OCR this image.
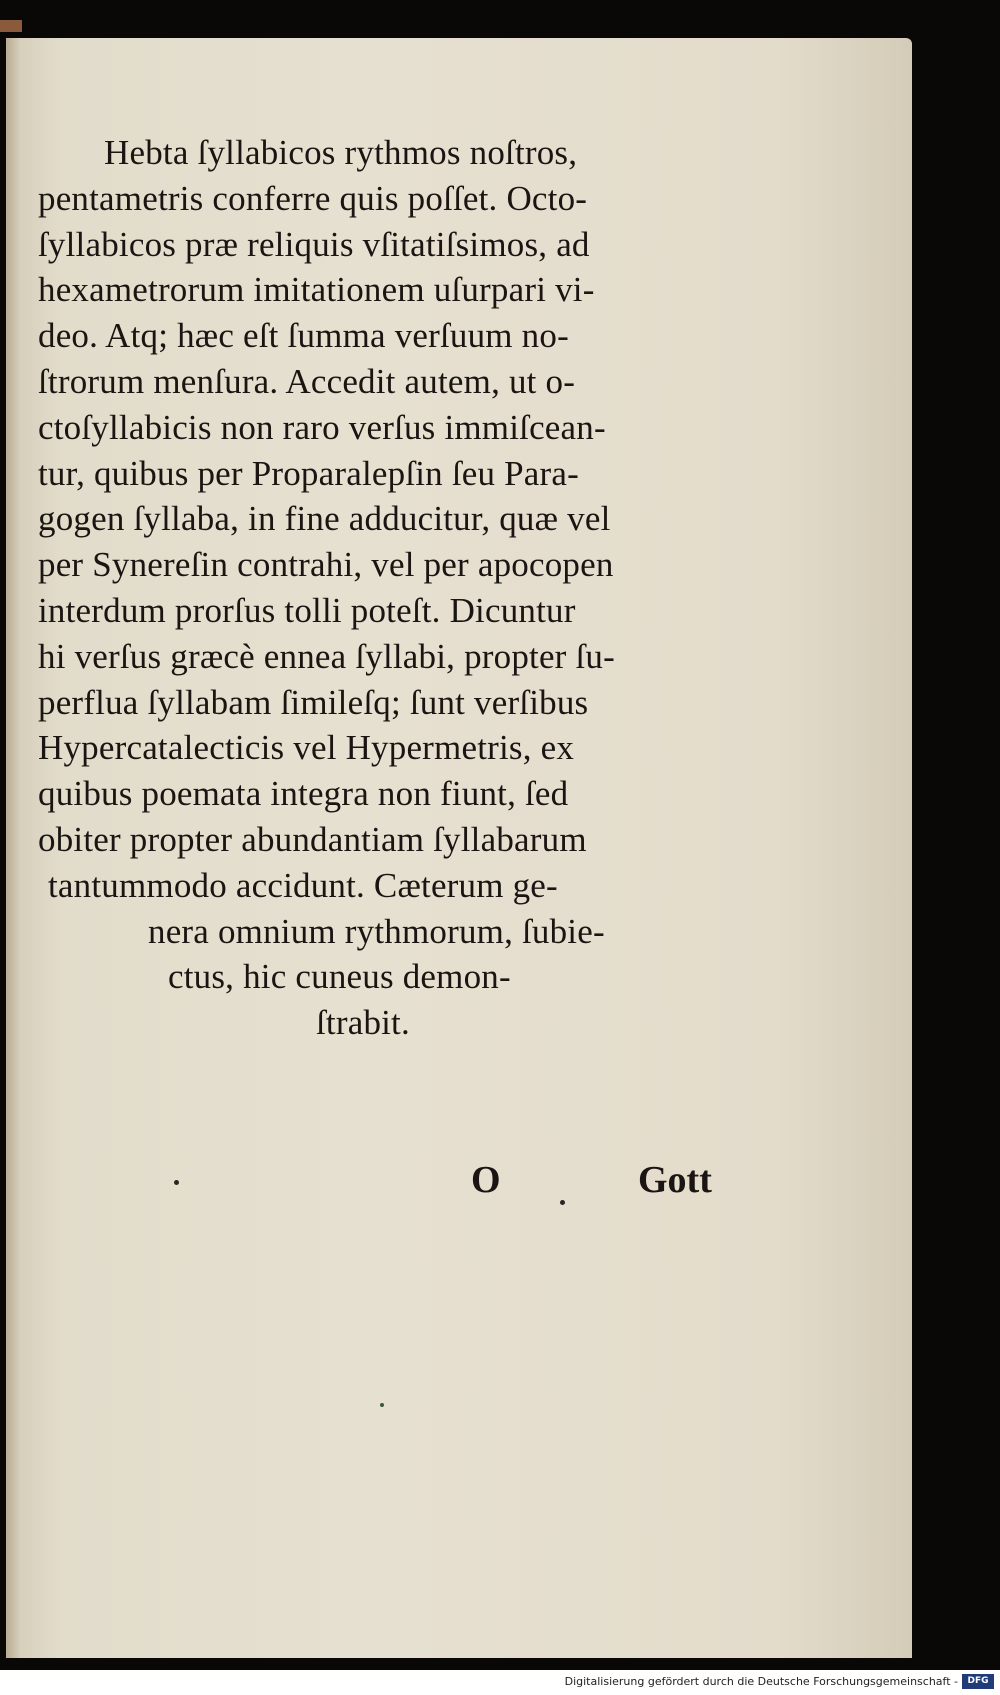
Hebta ſyllabicos rythmos noſtros,
pentametris conferre quis poſſet. Octo-
ſyllabicos præ reliquis vſitatiſsimos, ad
hexametrorum imitationem uſurpari vi-
deo. Atq; hæc eſt ſumma verſuum no-
ſtrorum menſura. Accedit autem, ut o-
ctoſyllabicis non raro verſus immiſcean-
tur, quibus per Proparalepſin ſeu Para-
gogen ſyllaba, in fine adducitur, quæ vel
per Synereſin contrahi, vel per apocopen
interdum prorſus tolli poteſt. Dicuntur
hi verſus græcè ennea ſyllabi, propter ſu-
perflua ſyllabam ſimileſq; ſunt verſibus
Hypercatalecticis vel Hypermetris, ex
quibus poemata integra non fiunt, ſed
obiter propter abundantiam ſyllabarum
tantummodo accidunt. Cæterum ge-
nera omnium rythmorum, ſubie-
ctus, hic cuneus demon-
ſtrabit.
O	Gott
Digitalisierung gefördert durch die Deutsche Forschungsgemeinschaft -	DFG
